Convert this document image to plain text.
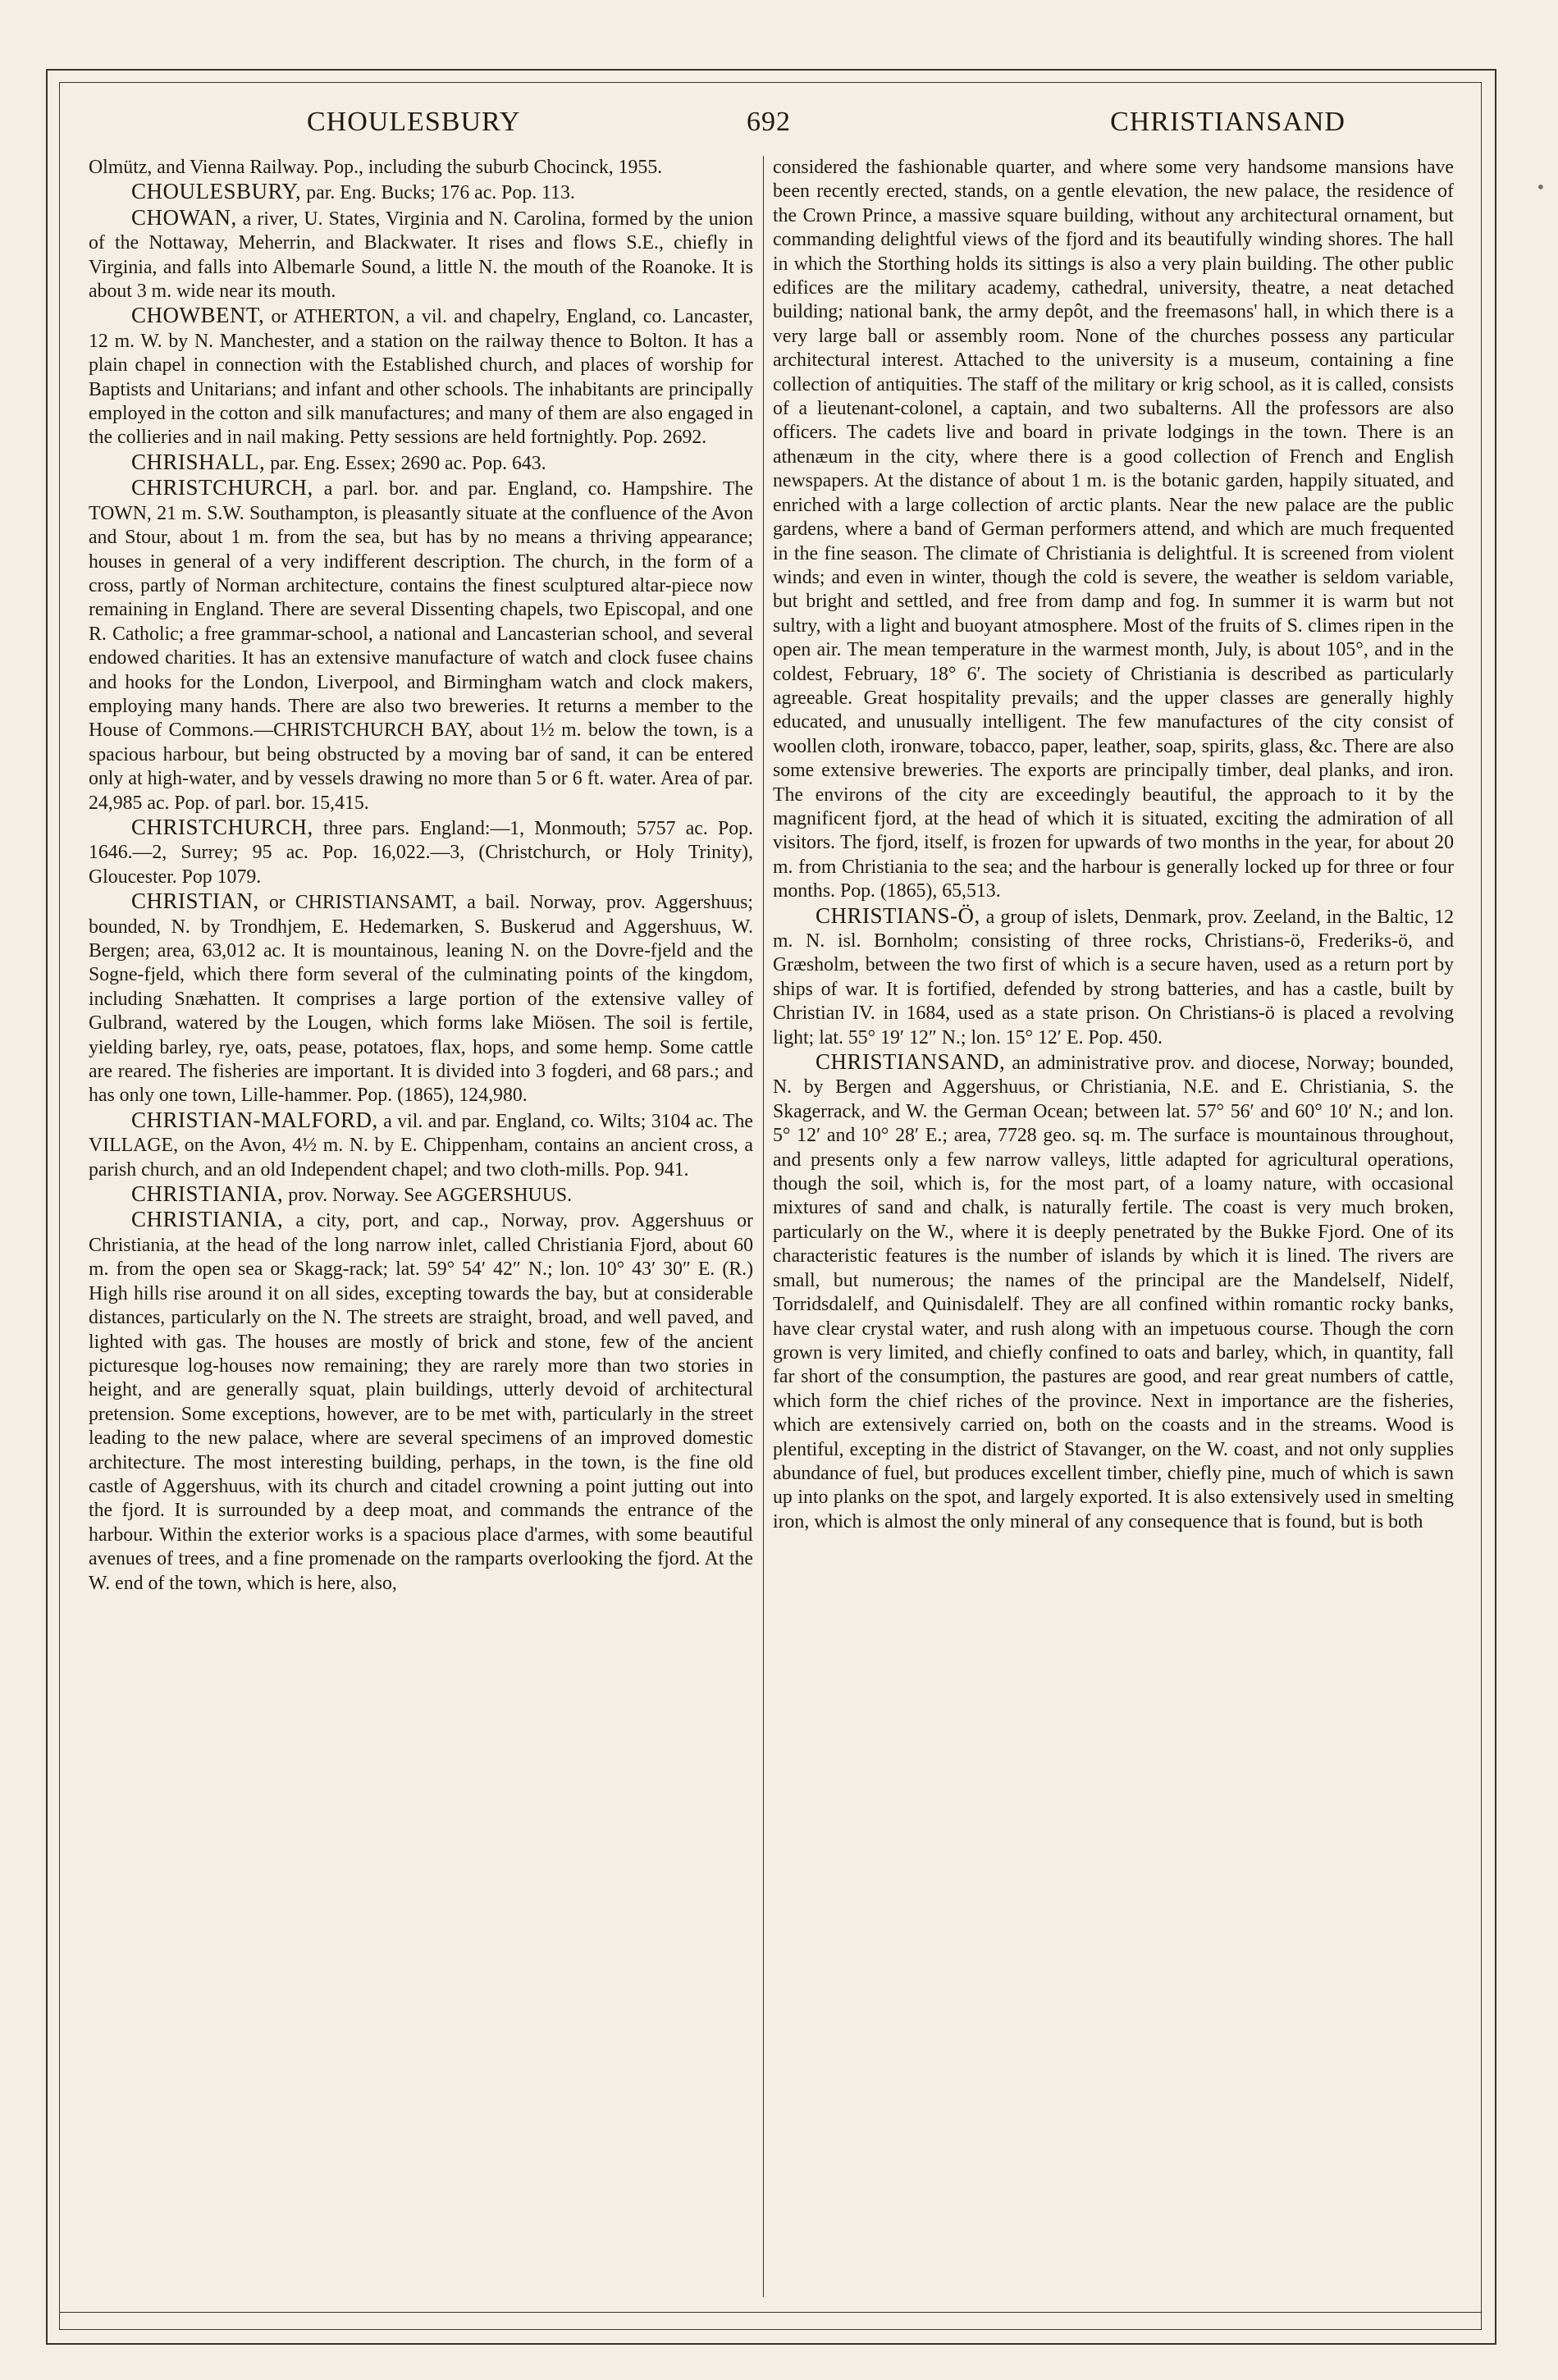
CHOULESBURY	692	CHRISTIANSAND

Olmütz, and Vienna Railway. Pop., including the suburb Chocinck, 1955.

CHOULESBURY, par. Eng. Bucks; 176 ac. Pop. 113.

CHOWAN, a river, U. States, Virginia and N. Carolina, formed by the union of the Nottaway, Meherrin, and Blackwater. It rises and flows S.E., chiefly in Virginia, and falls into Albemarle Sound, a little N. the mouth of the Roanoke. It is about 3 m. wide near its mouth.

CHOWBENT, or ATHERTON, a vil. and chapelry, England, co. Lancaster, 12 m. W. by N. Manchester, and a station on the railway thence to Bolton. It has a plain chapel in connection with the Established church, and places of worship for Baptists and Unitarians; and infant and other schools. The inhabitants are principally employed in the cotton and silk manufactures; and many of them are also engaged in the collieries and in nail making. Petty sessions are held fortnightly. Pop. 2692.

CHRISHALL, par. Eng. Essex; 2690 ac. Pop. 643.

CHRISTCHURCH, a parl. bor. and par. England, co. Hampshire. The TOWN, 21 m. S.W. Southampton, is pleasantly situate at the confluence of the Avon and Stour, about 1 m. from the sea, but has by no means a thriving appearance; houses in general of a very indifferent description. The church, in the form of a cross, partly of Norman architecture, contains the finest sculptured altar-piece now remaining in England. There are several Dissenting chapels, two Episcopal, and one R. Catholic; a free grammar-school, a national and Lancasterian school, and several endowed charities. It has an extensive manufacture of watch and clock fusee chains and hooks for the London, Liverpool, and Birmingham watch and clock makers, employing many hands. There are also two breweries. It returns a member to the House of Commons.—CHRISTCHURCH BAY, about 1½ m. below the town, is a spacious harbour, but being obstructed by a moving bar of sand, it can be entered only at high-water, and by vessels drawing no more than 5 or 6 ft. water. Area of par. 24,985 ac. Pop. of parl. bor. 15,415.

CHRISTCHURCH, three pars. England:—1, Monmouth; 5757 ac. Pop. 1646.—2, Surrey; 95 ac. Pop. 16,022.—3, (Christchurch, or Holy Trinity), Gloucester. Pop 1079.

CHRISTIAN, or CHRISTIANSAMT, a bail. Norway, prov. Aggershuus; bounded, N. by Trondhjem, E. Hedemarken, S. Buskerud and Aggershuus, W. Bergen; area, 63,012 ac. It is mountainous, leaning N. on the Dovre-fjeld and the Sogne-fjeld, which there form several of the culminating points of the kingdom, including Snæhatten. It comprises a large portion of the extensive valley of Gulbrand, watered by the Lougen, which forms lake Miösen. The soil is fertile, yielding barley, rye, oats, pease, potatoes, flax, hops, and some hemp. Some cattle are reared. The fisheries are important. It is divided into 3 fogderi, and 68 pars.; and has only one town, Lille-hammer. Pop. (1865), 124,980.

CHRISTIAN-MALFORD, a vil. and par. England, co. Wilts; 3104 ac. The VILLAGE, on the Avon, 4½ m. N. by E. Chippenham, contains an ancient cross, a parish church, and an old Independent chapel; and two cloth-mills. Pop. 941.

CHRISTIANIA, prov. Norway. See AGGERSHUUS.

CHRISTIANIA, a city, port, and cap., Norway, prov. Aggershuus or Christiania, at the head of the long narrow inlet, called Christiania Fjord, about 60 m. from the open sea or Skagg-rack; lat. 59° 54′ 42″ N.; lon. 10° 43′ 30″ E. (R.) High hills rise around it on all sides, excepting towards the bay, but at considerable distances, particularly on the N. The streets are straight, broad, and well paved, and lighted with gas. The houses are mostly of brick and stone, few of the ancient picturesque log-houses now remaining; they are rarely more than two stories in height, and are generally squat, plain buildings, utterly devoid of architectural pretension. Some exceptions, however, are to be met with, particularly in the street leading to the new palace, where are several specimens of an improved domestic architecture. The most interesting building, perhaps, in the town, is the fine old castle of Aggershuus, with its church and citadel crowning a point jutting out into the fjord. It is surrounded by a deep moat, and commands the entrance of the harbour. Within the exterior works is a spacious place d'armes, with some beautiful avenues of trees, and a fine promenade on the ramparts overlooking the fjord. At the W. end of the town, which is here, also,

considered the fashionable quarter, and where some very handsome mansions have been recently erected, stands, on a gentle elevation, the new palace, the residence of the Crown Prince, a massive square building, without any architectural ornament, but commanding delightful views of the fjord and its beautifully winding shores. The hall in which the Storthing holds its sittings is also a very plain building. The other public edifices are the military academy, cathedral, university, theatre, a neat detached building; national bank, the army depôt, and the freemasons' hall, in which there is a very large ball or assembly room. None of the churches possess any particular architectural interest. Attached to the university is a museum, containing a fine collection of antiquities. The staff of the military or krig school, as it is called, consists of a lieutenant-colonel, a captain, and two subalterns. All the professors are also officers. The cadets live and board in private lodgings in the town. There is an athenæum in the city, where there is a good collection of French and English newspapers. At the distance of about 1 m. is the botanic garden, happily situated, and enriched with a large collection of arctic plants. Near the new palace are the public gardens, where a band of German performers attend, and which are much frequented in the fine season. The climate of Christiania is delightful. It is screened from violent winds; and even in winter, though the cold is severe, the weather is seldom variable, but bright and settled, and free from damp and fog. In summer it is warm but not sultry, with a light and buoyant atmosphere. Most of the fruits of S. climes ripen in the open air. The mean temperature in the warmest month, July, is about 105°, and in the coldest, February, 18° 6′. The society of Christiania is described as particularly agreeable. Great hospitality prevails; and the upper classes are generally highly educated, and unusually intelligent. The few manufactures of the city consist of woollen cloth, ironware, tobacco, paper, leather, soap, spirits, glass, &c. There are also some extensive breweries. The exports are principally timber, deal planks, and iron. The environs of the city are exceedingly beautiful, the approach to it by the magnificent fjord, at the head of which it is situated, exciting the admiration of all visitors. The fjord, itself, is frozen for upwards of two months in the year, for about 20 m. from Christiania to the sea; and the harbour is generally locked up for three or four months. Pop. (1865), 65,513.

CHRISTIANS-Ö, a group of islets, Denmark, prov. Zeeland, in the Baltic, 12 m. N. isl. Bornholm; consisting of three rocks, Christians-ö, Frederiks-ö, and Græsholm, between the two first of which is a secure haven, used as a return port by ships of war. It is fortified, defended by strong batteries, and has a castle, built by Christian IV. in 1684, used as a state prison. On Christians-ö is placed a revolving light; lat. 55° 19′ 12″ N.; lon. 15° 12′ E. Pop. 450.

CHRISTIANSAND, an administrative prov. and diocese, Norway; bounded, N. by Bergen and Aggershuus, or Christiania, N.E. and E. Christiania, S. the Skagerrack, and W. the German Ocean; between lat. 57° 56′ and 60° 10′ N.; and lon. 5° 12′ and 10° 28′ E.; area, 7728 geo. sq. m. The surface is mountainous throughout, and presents only a few narrow valleys, little adapted for agricultural operations, though the soil, which is, for the most part, of a loamy nature, with occasional mixtures of sand and chalk, is naturally fertile. The coast is very much broken, particularly on the W., where it is deeply penetrated by the Bukke Fjord. One of its characteristic features is the number of islands by which it is lined. The rivers are small, but numerous; the names of the principal are the Mandelself, Nidelf, Torridsdalelf, and Quinisdalelf. They are all confined within romantic rocky banks, have clear crystal water, and rush along with an impetuous course. Though the corn grown is very limited, and chiefly confined to oats and barley, which, in quantity, fall far short of the consumption, the pastures are good, and rear great numbers of cattle, which form the chief riches of the province. Next in importance are the fisheries, which are extensively carried on, both on the coasts and in the streams. Wood is plentiful, excepting in the district of Stavanger, on the W. coast, and not only supplies abundance of fuel, but produces excellent timber, chiefly pine, much of which is sawn up into planks on the spot, and largely exported. It is also extensively used in smelting iron, which is almost the only mineral of any consequence that is found, but is both

•
